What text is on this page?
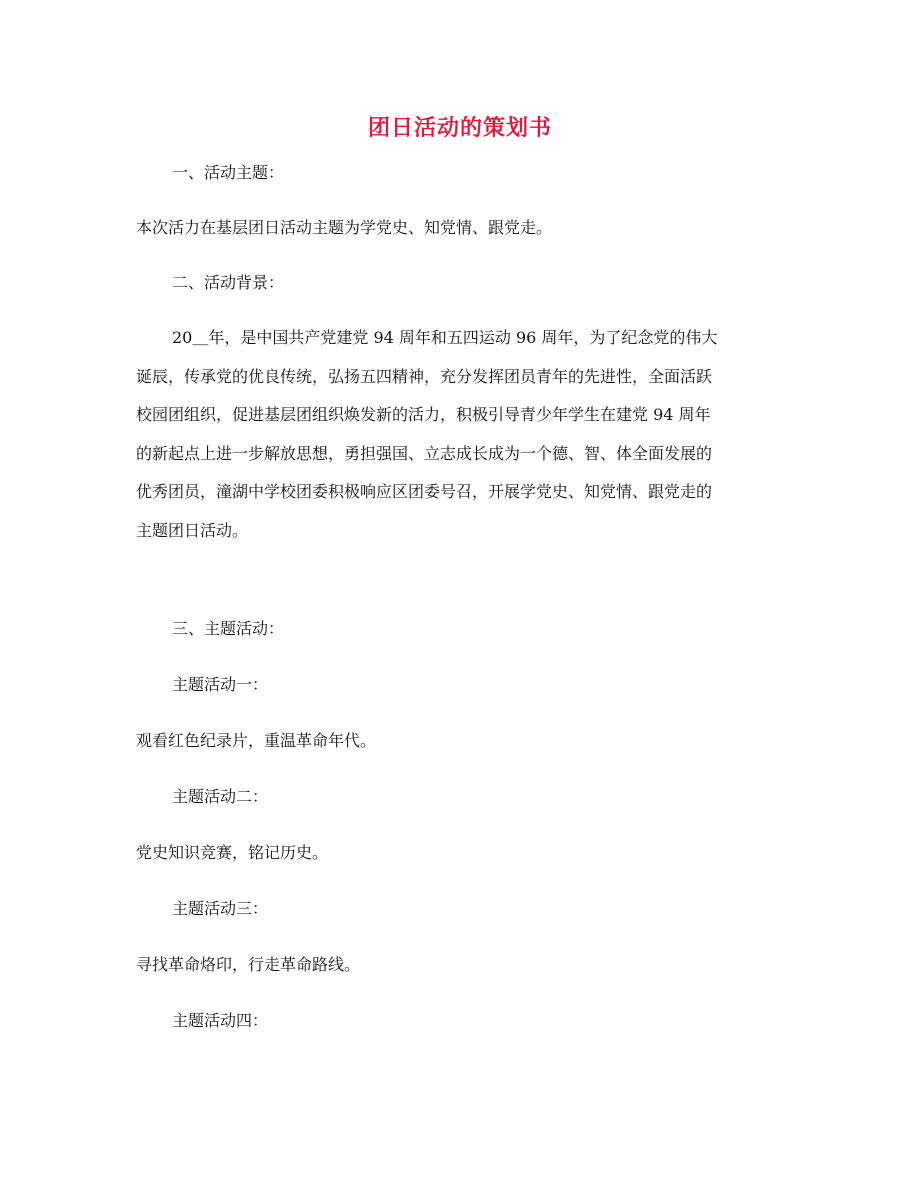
团日活动的策划书
一、活动主题：
本次活力在基层团日活动主题为学党史、知党情、跟党走。
二、活动背景：
20＿年，是中国共产党建党 94 周年和五四运动 96 周年，为了纪念党的伟大
诞辰，传承党的优良传统，弘扬五四精神，充分发挥团员青年的先进性，全面活跃
校园团组织，促进基层团组织焕发新的活力，积极引导青少年学生在建党 94 周年
的新起点上进一步解放思想，勇担强国、立志成长成为一个德、智、体全面发展的
优秀团员，潼湖中学校团委积极响应区团委号召，开展学党史、知党情、跟党走的
主题团日活动。
三、主题活动：
主题活动一：
观看红色纪录片，重温革命年代。
主题活动二：
党史知识竞赛，铭记历史。
主题活动三：
寻找革命烙印，行走革命路线。
主题活动四：
